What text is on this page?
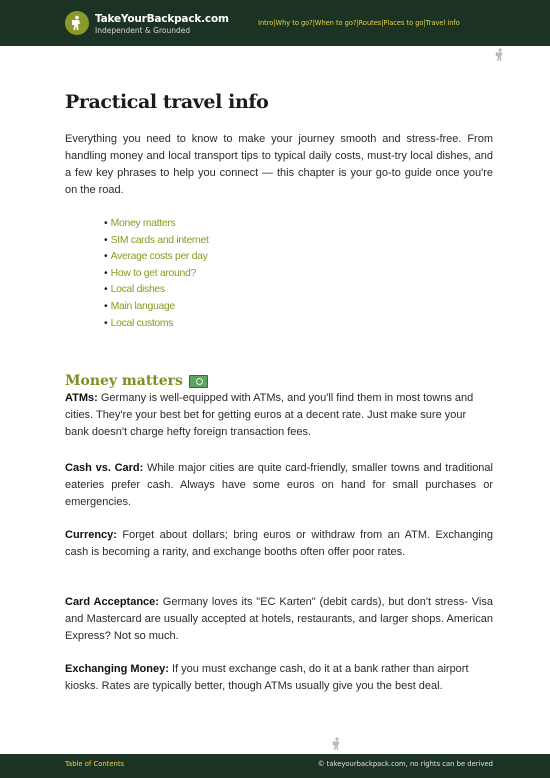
TakeYourBackpack.com
Independent & Grounded
Intro | Why to go? | When to go? | Routes | Places to go | Travel info
Practical travel info

Everything you need to know to make your journey smooth and stress-free. From handling money and local transport tips to typical daily costs, must-try local dishes, and a few key phrases to help you connect — this chapter is your go-to guide once you're on the road.

• Money matters
• SIM cards and internet
• Average costs per day
• How to get around?
• Local dishes
• Main language
• Local customs
Money matters

ATMs: Germany is well-equipped with ATMs, and you'll find them in most towns and cities. They're your best bet for getting euros at a decent rate. Just make sure your bank doesn't charge hefty foreign transaction fees.

Cash vs. Card: While major cities are quite card-friendly, smaller towns and traditional eateries prefer cash. Always have some euros on hand for small purchases or emergencies.

Currency: Forget about dollars; bring euros or withdraw from an ATM. Exchanging cash is becoming a rarity, and exchange booths often offer poor rates.

Card Acceptance: Germany loves its "EC Karten" (debit cards), but don't stress- Visa and Mastercard are usually accepted at hotels, restaurants, and larger shops. American Express? Not so much.

Exchanging Money: If you must exchange cash, do it at a bank rather than airport kiosks. Rates are typically better, though ATMs usually give you the best deal.

Table of Contents	© takeyourbackpack.com, no rights can be derived
